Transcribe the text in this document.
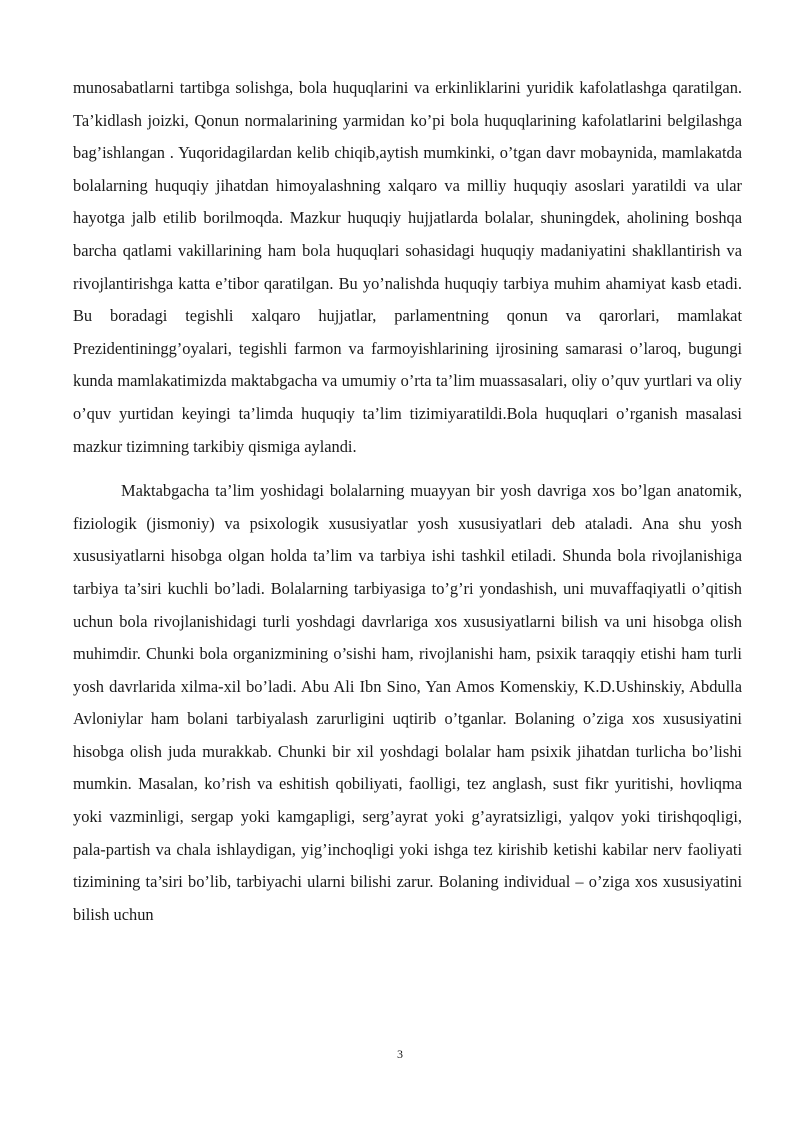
munosabatlarni tartibga solishga, bola huquqlarini va erkinliklarini yuridik kafolatlashga qaratilgan. Ta’kidlash joizki, Qonun normalarining yarmidan ko’pi bola huquqlarining kafolatlarini belgilashga bag’ishlangan . Yuqoridagilardan kelib chiqib,aytish mumkinki, o’tgan davr mobaynida, mamlakatda bolalarning huquqiy jihatdan himoyalashning xalqaro va milliy huquqiy asoslari yaratildi va ular hayotga jalb etilib borilmoqda. Mazkur huquqiy hujjatlarda bolalar, shuningdek, aholining boshqa barcha qatlami vakillarining ham bola huquqlari sohasidagi huquqiy madaniyatini shakllantirish va rivojlantirishga katta e’tibor qaratilgan. Bu yo’nalishda huquqiy tarbiya muhim ahamiyat kasb etadi. Bu boradagi tegishli xalqaro hujjatlar, parlamentning qonun va qarorlari, mamlakat Prezidentiningg’oyalari, tegishli farmon va farmoyishlarining ijrosining samarasi o’laroq, bugungi kunda mamlakatimizda maktabgacha va umumiy o’rta ta’lim muassasalari, oliy o’quv yurtlari va oliy o’quv yurtidan keyingi ta’limda huquqiy ta’lim tizimiyaratildi.Bola huquqlari o’rganish masalasi mazkur tizimning tarkibiy qismiga aylandi.

Maktabgacha ta’lim yoshidagi bolalarning muayyan bir yosh davriga xos bo’lgan anatomik, fiziologik (jismoniy) va psixologik xususiyatlar yosh xususiyatlari deb ataladi. Ana shu yosh xususiyatlarni hisobga olgan holda ta’lim va tarbiya ishi tashkil etiladi. Shunda bola rivojlanishiga tarbiya ta’siri kuchli bo’ladi. Bolalarning tarbiyasiga to’g’ri yondashish, uni muvaffaqiyatli o’qitish uchun bola rivojlanishidagi turli yoshdagi davrlariga xos xususiyatlarni bilish va uni hisobga olish muhimdir. Chunki bola organizmining o’sishi ham, rivojlanishi ham, psixik taraqqiy etishi ham turli yosh davrlarida xilma-xil bo’ladi. Abu Ali Ibn Sino, Yan Amos Komenskiy, K.D.Ushinskiy, Abdulla Avloniylar ham bolani tarbiyalash zarurligini uqtirib o’tganlar. Bolaning o’ziga xos xususiyatini hisobga olish juda murakkab. Chunki bir xil yoshdagi bolalar ham psixik jihatdan turlicha bo’lishi mumkin. Masalan, ko’rish va eshitish qobiliyati, faolligi, tez anglash, sust fikr yuritishi, hovliqma yoki vazminligi, sergap yoki kamgapligi, serg’ayrat yoki g’ayratsizligi, yalqov yoki tirishqoqligi, pala-partish va chala ishlaydigan, yig’inchoqligi yoki ishga tez kirishib ketishi kabilar nerv faoliyati tizimining ta’siri bo’lib, tarbiyachi ularni bilishi zarur. Bolaning individual – o’ziga xos xususiyatini bilish uchun

3
